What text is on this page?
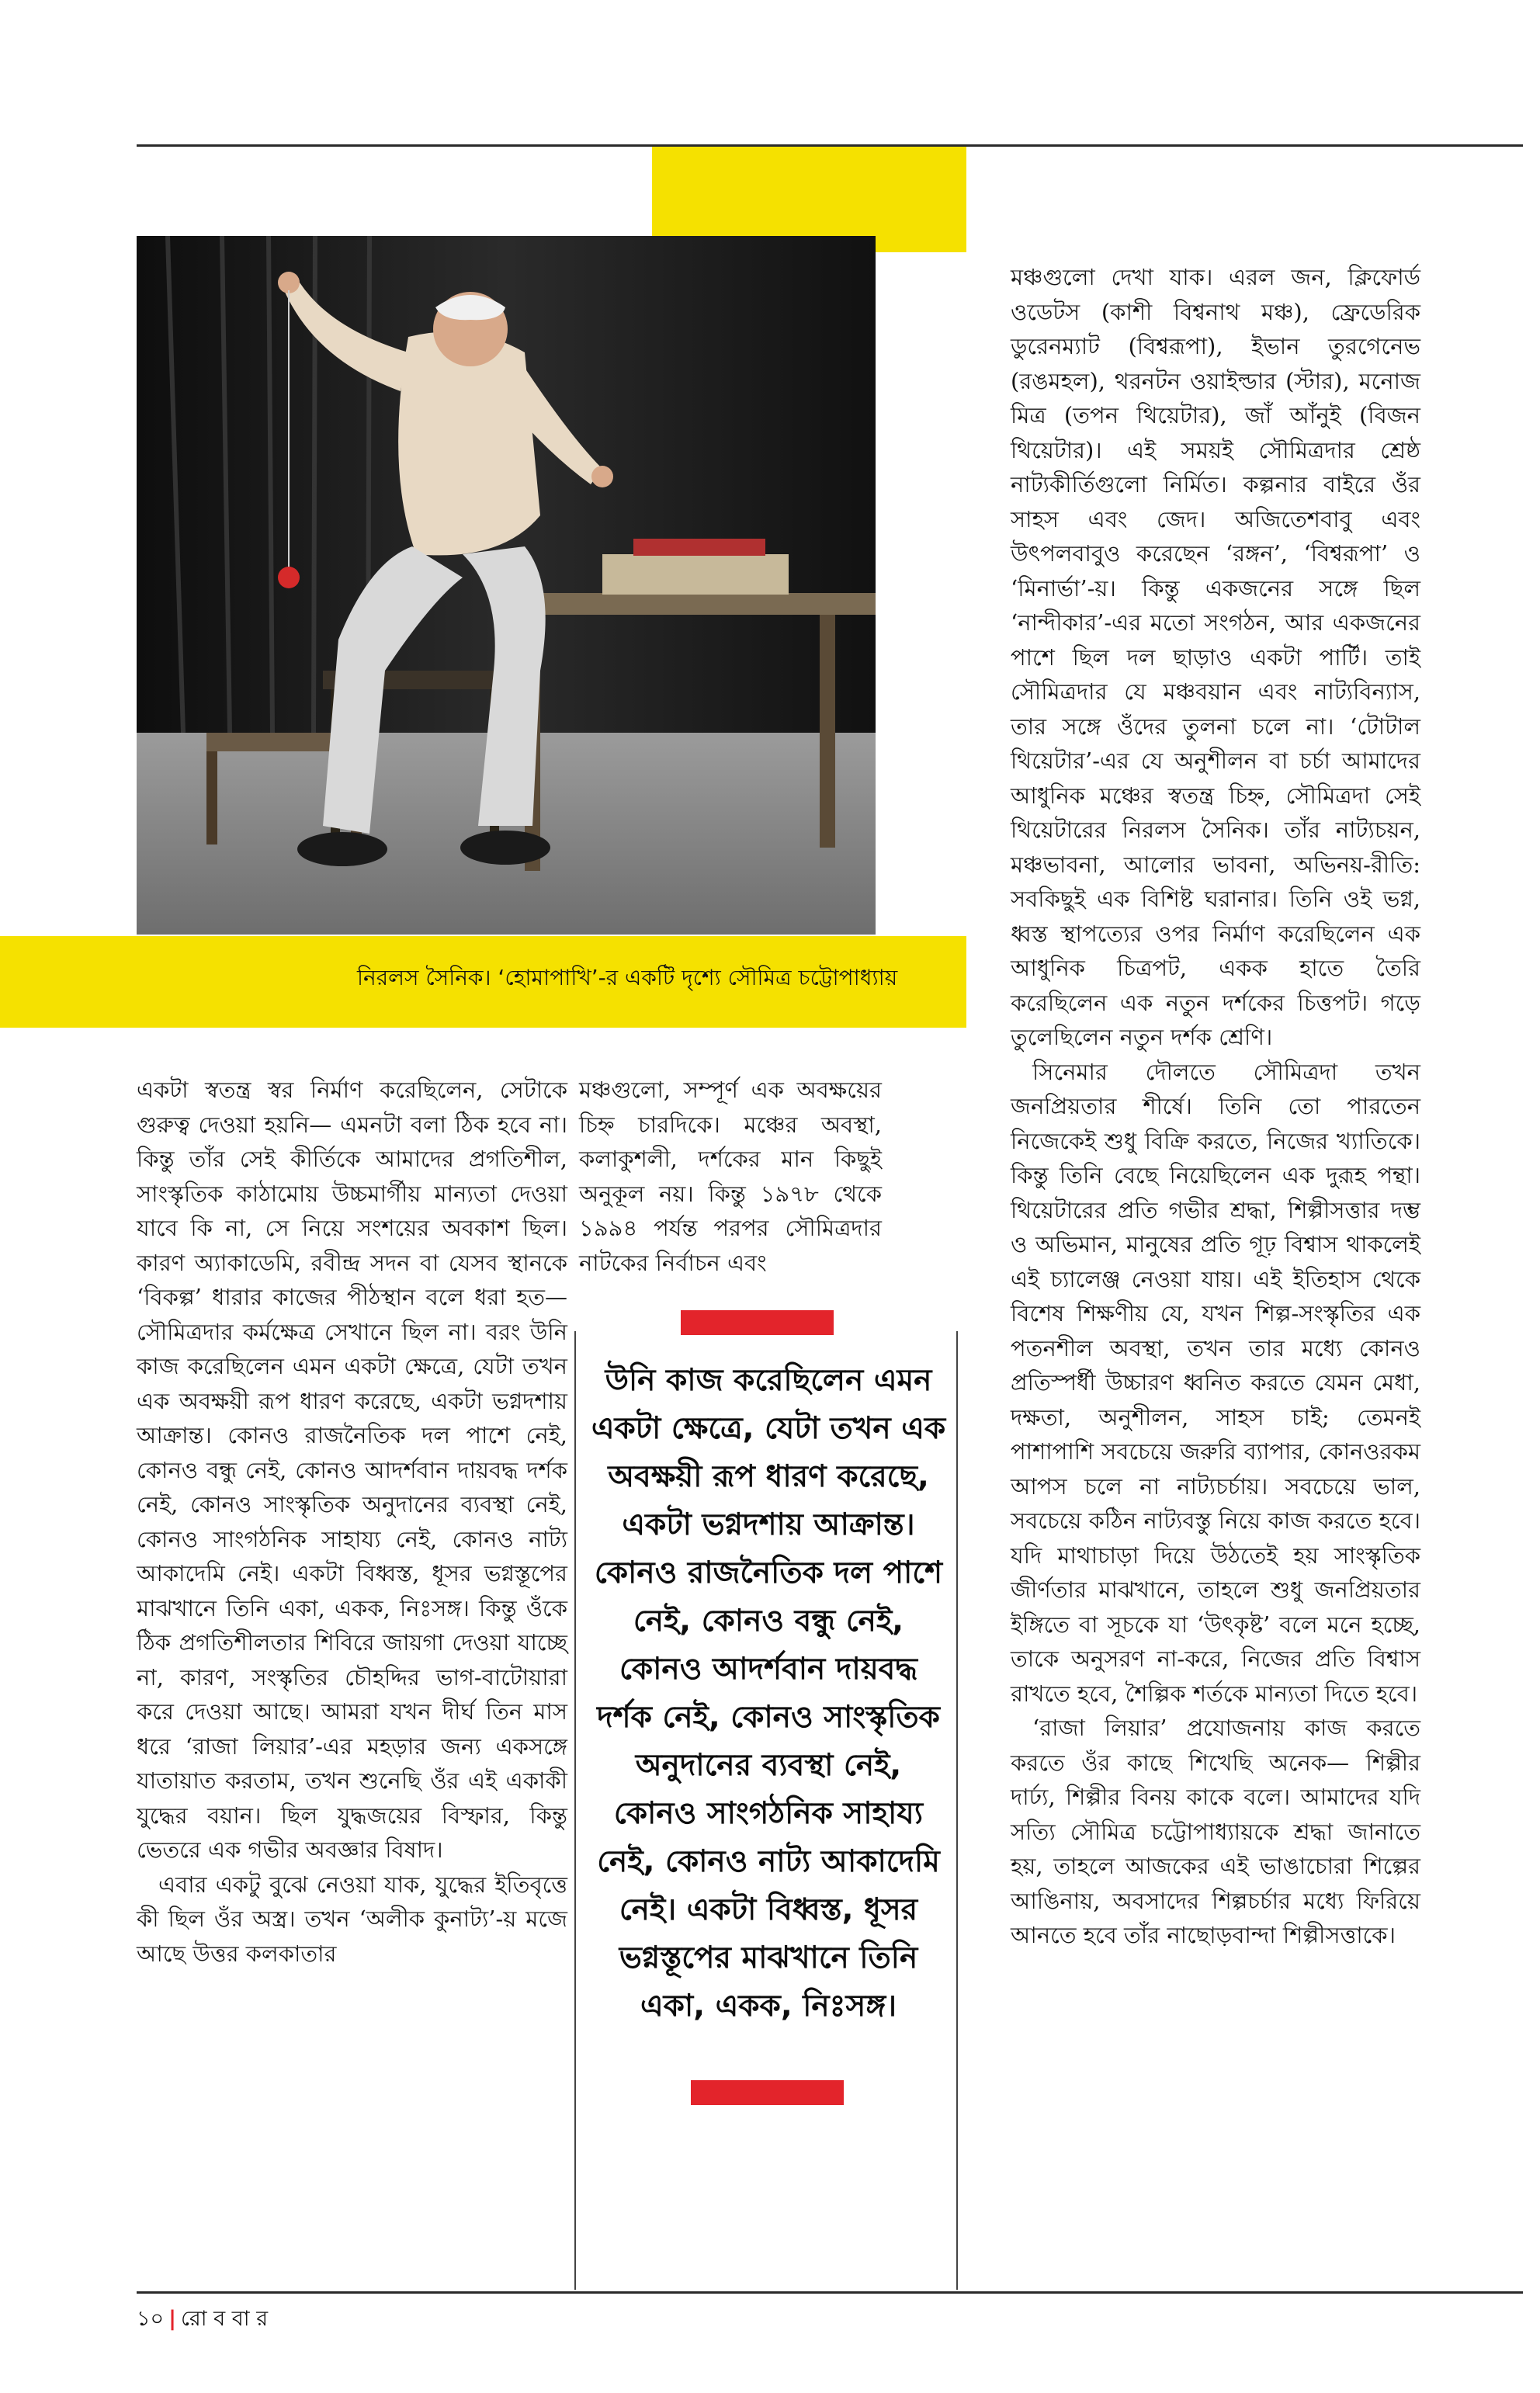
নিরলস সৈনিক। ‘হোমাপাখি’-র একটি দৃশ্যে সৌমিত্র চট্টোপাধ্যায়

একটা স্বতন্ত্র স্বর নির্মাণ করেছিলেন, সেটাকে গুরুত্ব দেওয়া হয়নি— এমনটা বলা ঠিক হবে না। কিন্তু তাঁর সেই কীর্তিকে আমাদের প্রগতিশীল, সাংস্কৃতিক কাঠামোয় উচ্চমার্গীয় মান্যতা দেওয়া যাবে কি না, সে নিয়ে সংশয়ের অবকাশ ছিল। কারণ অ্যাকাডেমি, রবীন্দ্র সদন বা যেসব স্থানকে ‘বিকল্প’ ধারার কাজের পীঠস্থান বলে ধরা হত— সৌমিত্রদার কর্মক্ষেত্র সেখানে ছিল না। বরং উনি কাজ করেছিলেন এমন একটা ক্ষেত্রে, যেটা তখন এক অবক্ষয়ী রূপ ধারণ করেছে, একটা ভগ্নদশায় আক্রান্ত। কোনও রাজনৈতিক দল পাশে নেই, কোনও বন্ধু নেই, কোনও আদর্শবান দায়বদ্ধ দর্শক নেই, কোনও সাংস্কৃতিক অনুদানের ব্যবস্থা নেই, কোনও সাংগঠনিক সাহায্য নেই, কোনও নাট্য আকাদেমি নেই। একটা বিধ্বস্ত, ধূসর ভগ্নস্তূপের মাঝখানে তিনি একা, একক, নিঃসঙ্গ। কিন্তু ওঁকে ঠিক প্রগতিশীলতার শিবিরে জায়গা দেওয়া যাচ্ছে না, কারণ, সংস্কৃতির চৌহদ্দির ভাগ-বাটোয়ারা করে দেওয়া আছে। আমরা যখন দীর্ঘ তিন মাস ধরে ‘রাজা লিয়ার’-এর মহড়ার জন্য একসঙ্গে যাতায়াত করতাম, তখন শুনেছি ওঁর এই একাকী যুদ্ধের বয়ান। ছিল যুদ্ধজয়ের বিস্ফার, কিন্তু ভেতরে এক গভীর অবজ্ঞার বিষাদ।

এবার একটু বুঝে নেওয়া যাক, যুদ্ধের ইতিবৃত্তে কী ছিল ওঁর অস্ত্র। তখন ‘অলীক কুনাট্য’-য় মজে আছে উত্তর কলকাতার

মঞ্চগুলো, সম্পূর্ণ এক অবক্ষয়ের চিহ্ন চারদিকে। মঞ্চের অবস্থা, কলাকুশলী, দর্শকের মান কিছুই অনুকূল নয়। কিন্তু ১৯৭৮ থেকে ১৯৯৪ পর্যন্ত পরপর সৌমিত্রদার নাটকের নির্বাচন এবং

উনি কাজ করেছিলেন এমন একটা ক্ষেত্রে, যেটা তখন এক অবক্ষয়ী রূপ ধারণ করেছে, একটা ভগ্নদশায় আক্রান্ত। কোনও রাজনৈতিক দল পাশে নেই, কোনও বন্ধু নেই, কোনও আদর্শবান দায়বদ্ধ দর্শক নেই, কোনও সাংস্কৃতিক অনুদানের ব্যবস্থা নেই, কোনও সাংগঠনিক সাহায্য নেই, কোনও নাট্য আকাদেমি নেই। একটা বিধ্বস্ত, ধূসর ভগ্নস্তূপের মাঝখানে তিনি একা, একক, নিঃসঙ্গ।

মঞ্চগুলো দেখা যাক। এরল জন, ক্লিফোর্ড ওডেটস (কাশী বিশ্বনাথ মঞ্চ), ফ্রেডেরিক ডুরেনম্যাট (বিশ্বরূপা), ইভান তুরগেনেভ (রঙমহল), থরনটন ওয়াইল্ডার (স্টার), মনোজ মিত্র (তপন থিয়েটার), জাঁ আঁনুই (বিজন থিয়েটার)। এই সময়ই সৌমিত্রদার শ্রেষ্ঠ নাট্যকীর্তিগুলো নির্মিত। কল্পনার বাইরে ওঁর সাহস এবং জেদ। অজিতেশবাবু এবং উৎপলবাবুও করেছেন ‘রঙ্গন’, ‘বিশ্বরূপা’ ও ‘মিনার্ভা’-য়। কিন্তু একজনের সঙ্গে ছিল ‘নান্দীকার’-এর মতো সংগঠন, আর একজনের পাশে ছিল দল ছাড়াও একটা পার্টি। তাই সৌমিত্রদার যে মঞ্চবয়ান এবং নাট্যবিন্যাস, তার সঙ্গে ওঁদের তুলনা চলে না। ‘টোটাল থিয়েটার’-এর যে অনুশীলন বা চর্চা আমাদের আধুনিক মঞ্চের স্বতন্ত্র চিহ্ন, সৌমিত্রদা সেই থিয়েটারের নিরলস সৈনিক। তাঁর নাট্যচয়ন, মঞ্চভাবনা, আলোর ভাবনা, অভিনয়-রীতি: সবকিছুই এক বিশিষ্ট ঘরানার। তিনি ওই ভগ্ন, ধ্বস্ত স্থাপত্যের ওপর নির্মাণ করেছিলেন এক আধুনিক চিত্রপট, একক হাতে তৈরি করেছিলেন এক নতুন দর্শকের চিত্তপট। গড়ে তুলেছিলেন নতুন দর্শক শ্রেণি।

সিনেমার দৌলতে সৌমিত্রদা তখন জনপ্রিয়তার শীর্ষে। তিনি তো পারতেন নিজেকেই শুধু বিক্রি করতে, নিজের খ্যাতিকে। কিন্তু তিনি বেছে নিয়েছিলেন এক দুরূহ পন্থা। থিয়েটারের প্রতি গভীর শ্রদ্ধা, শিল্পীসত্তার দম্ভ ও অভিমান, মানুষের প্রতি গূঢ় বিশ্বাস থাকলেই এই চ্যালেঞ্জ নেওয়া যায়। এই ইতিহাস থেকে বিশেষ শিক্ষণীয় যে, যখন শিল্প-সংস্কৃতির এক পতনশীল অবস্থা, তখন তার মধ্যে কোনও প্রতিস্পর্ধী উচ্চারণ ধ্বনিত করতে যেমন মেধা, দক্ষতা, অনুশীলন, সাহস চাই; তেমনই পাশাপাশি সবচেয়ে জরুরি ব্যাপার, কোনওরকম আপস চলে না নাট্যচর্চায়। সবচেয়ে ভাল, সবচেয়ে কঠিন নাট্যবস্তু নিয়ে কাজ করতে হবে। যদি মাথাচাড়া দিয়ে উঠতেই হয় সাংস্কৃতিক জীর্ণতার মাঝখানে, তাহলে শুধু জনপ্রিয়তার ইঙ্গিতে বা সূচকে যা ‘উৎকৃষ্ট’ বলে মনে হচ্ছে, তাকে অনুসরণ না-করে, নিজের প্রতি বিশ্বাস রাখতে হবে, শৈল্পিক শর্তকে মান্যতা দিতে হবে।

‘রাজা লিয়ার’ প্রযোজনায় কাজ করতে করতে ওঁর কাছে শিখেছি অনেক— শিল্পীর দার্ঢ্য, শিল্পীর বিনয় কাকে বলে। আমাদের যদি সত্যি সৌমিত্র চট্টোপাধ্যায়কে শ্রদ্ধা জানাতে হয়, তাহলে আজকের এই ভাঙাচোরা শিল্পের আঙিনায়, অবসাদের শিল্পচর্চার মধ্যে ফিরিয়ে আনতে হবে তাঁর নাছোড়বান্দা শিল্পীসত্তাকে।

১০ | রো ব বা র
